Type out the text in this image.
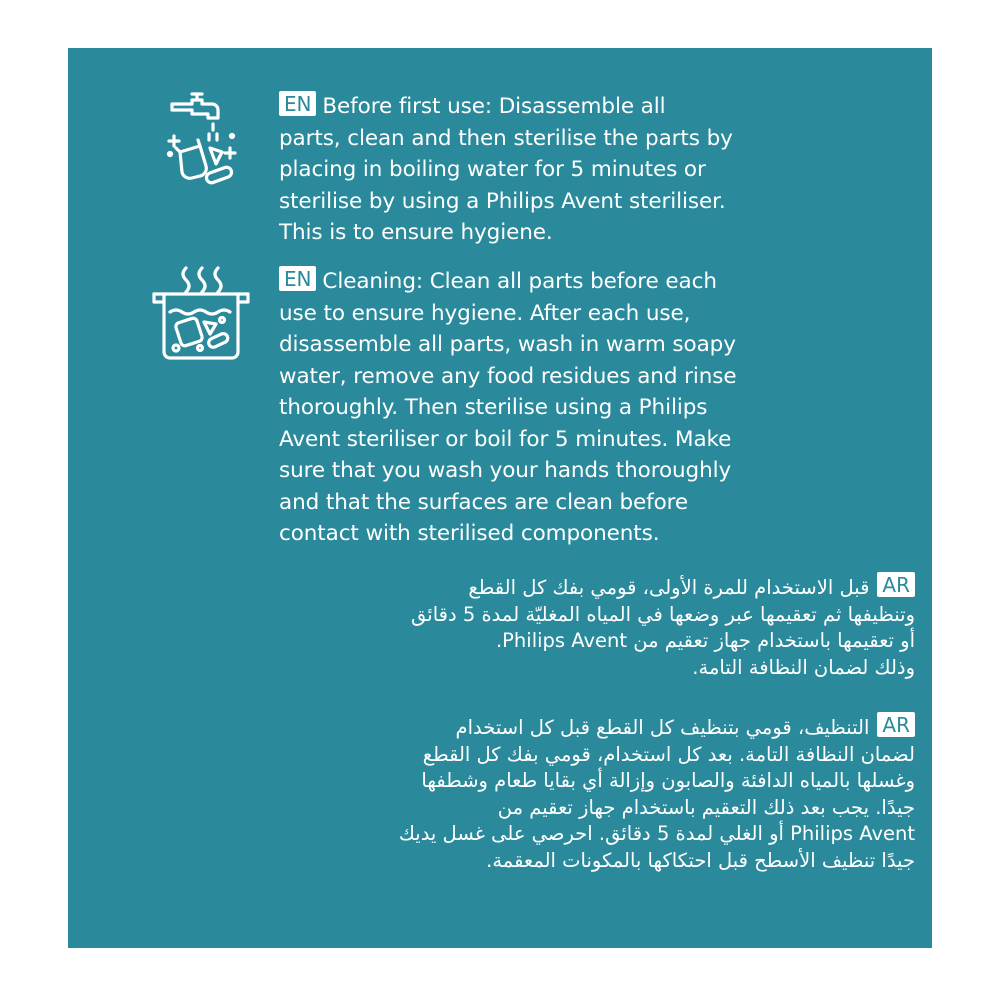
EN Before first use: Disassemble all
parts, clean and then sterilise the parts by
placing in boiling water for 5 minutes or
sterilise by using a Philips Avent steriliser.
This is to ensure hygiene.
EN Cleaning: Clean all parts before each
use to ensure hygiene. After each use,
disassemble all parts, wash in warm soapy
water, remove any food residues and rinse
thoroughly. Then sterilise using a Philips
Avent steriliser or boil for 5 minutes. Make
sure that you wash your hands thoroughly
and that the surfaces are clean before
contact with sterilised components.
ARقبل الاستخدام للمرة الأولى، قومي بفك كل القطع
وتنظيفها ثم تعقيمها عبر وضعها في المياه المغليّة لمدة 5 دقائق
أو تعقيمها باستخدام جهاز تعقيم من Philips Avent.
وذلك لضمان النظافة التامة.
ARالتنظيف، قومي بتنظيف كل القطع قبل كل استخدام
لضمان النظافة التامة. بعد كل استخدام، قومي بفك كل القطع
وغسلها بالمياه الدافئة والصابون وإزالة أي بقايا طعام وشطفها
جيدًا. يجب بعد ذلك التعقيم باستخدام جهاز تعقيم من
Philips Avent أو الغلي لمدة 5 دقائق. احرصي على غسل يديك
جيدًا تنظيف الأسطح قبل احتكاكها بالمكونات المعقمة.
